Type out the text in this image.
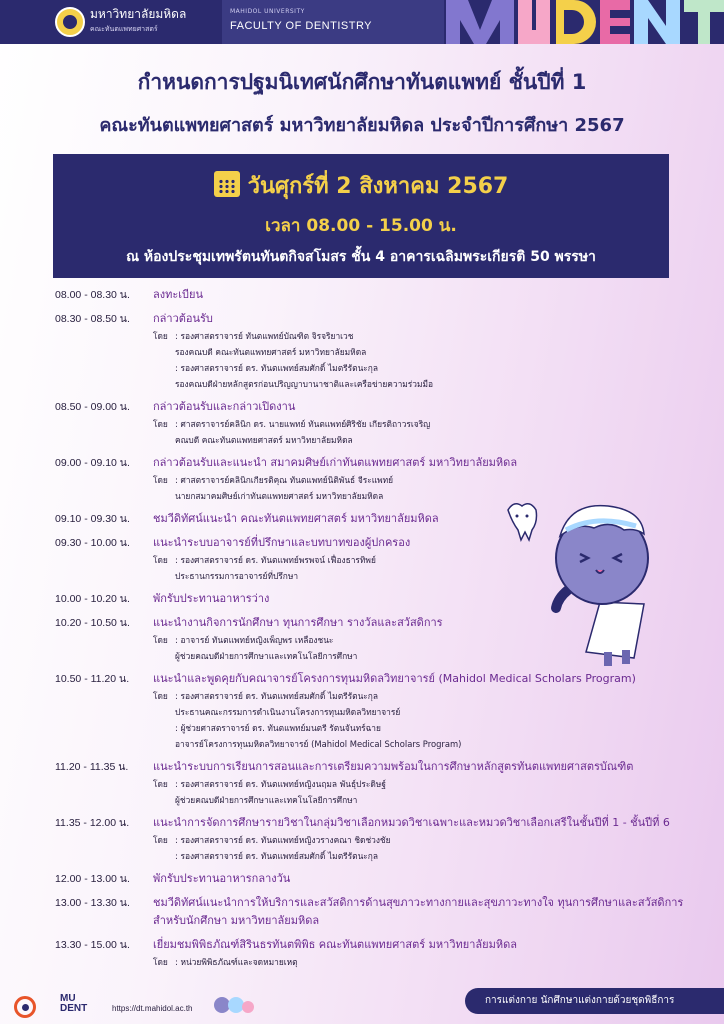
มหาวิทยาลัยมหิดล
คณะทันตแพทยศาสตร์
MAHIDOL UNIVERSITY
FACULTY OF DENTISTRY
กำหนดการปฐมนิเทศนักศึกษาทันตแพทย์ ชั้นปีที่ 1
คณะทันตแพทยศาสตร์ มหาวิทยาลัยมหิดล ประจำปีการศึกษา 2567
วันศุกร์ที่ 2 สิงหาคม 2567
เวลา 08.00 - 15.00 น.
ณ ห้องประชุมเทพรัตนทันตกิจสโมสร ชั้น 4 อาคารเฉลิมพระเกียรติ 50 พรรษา
08.00 - 08.30 น.	ลงทะเบียน
08.30 - 08.50 น.	กล่าวต้อนรับ
โดย : รองศาสตราจารย์ ทันตแพทย์บัณฑิต จิรจริยาเวช
รองคณบดี คณะทันตแพทยศาสตร์ มหาวิทยาลัยมหิดล
: รองศาสตราจารย์ ดร. ทันตแพทย์สมศักดิ์ ไมตรีรัตนะกุล
รองคณบดีฝ่ายหลักสูตรก่อนปริญญาบานาชาติและเครือข่ายความร่วมมือ
08.50 - 09.00 น.	กล่าวต้อนรับและกล่าวเปิดงาน
โดย : ศาสตราจารย์คลินิก ดร. นายแพทย์ ทันตแพทย์ศิริชัย เกียรติถาวรเจริญ
คณบดี คณะทันตแพทยศาสตร์ มหาวิทยาลัยมหิดล
09.00 - 09.10 น.	กล่าวต้อนรับและแนะนำ สมาคมศิษย์เก่าทันตแพทยศาสตร์ มหาวิทยาลัยมหิดล
โดย : ศาสตราจารย์คลินิกเกียรติคุณ ทันตแพทย์นิติพันธ์ จีระแพทย์
นายกสมาคมศิษย์เก่าทันตแพทยศาสตร์ มหาวิทยาลัยมหิดล
09.10 - 09.30 น.	ชมวีดิทัศน์แนะนำ คณะทันตแพทยศาสตร์ มหาวิทยาลัยมหิดล
09.30 - 10.00 น.	แนะนำระบบอาจารย์ที่ปรึกษาและบทบาทของผู้ปกครอง
โดย : รองศาสตราจารย์ ดร. ทันตแพทย์พรพจน์ เฟื่องธารทิพย์
ประธานกรรมการอาจารย์ที่ปรึกษา
10.00 - 10.20 น.	พักรับประทานอาหารว่าง
10.20 - 10.50 น.	แนะนำงานกิจการนักศึกษา ทุนการศึกษา รางวัลและสวัสดิการ
โดย : อาจารย์ ทันตแพทย์หญิงเพ็ญพร เหลืองชนะ
ผู้ช่วยคณบดีฝ่ายการศึกษาและเทคโนโลยีการศึกษา
10.50 - 11.20 น.	แนะนำและพูดคุยกับคณาจารย์โครงการทุนมหิดลวิทยาจารย์ (Mahidol Medical Scholars Program)
โดย : รองศาสตราจารย์ ดร. ทันตแพทย์สมศักดิ์ ไมตรีรัตนะกุล
ประธานคณะกรรมการดำเนินงานโครงการทุนมหิดลวิทยาจารย์
: ผู้ช่วยศาสตราจารย์ ดร. ทันตแพทย์มนตรี รัตนจันทร์ฉาย
อาจารย์โครงการทุนมหิดลวิทยาจารย์ (Mahidol Medical Scholars Program)
11.20 - 11.35 น.	แนะนำระบบการเรียนการสอนและการเตรียมความพร้อมในการศึกษาหลักสูตรทันตแพทยศาสตรบัณฑิต
โดย : รองศาสตราจารย์ ดร. ทันตแพทย์หญิงนฤมล พันธุ์ประดิษฐ์
ผู้ช่วยคณบดีฝ่ายการศึกษาและเทคโนโลยีการศึกษา
11.35 - 12.00 น.	แนะนำการจัดการศึกษารายวิชาในกลุ่มวิชาเลือกหมวดวิชาเฉพาะและหมวดวิชาเลือกเสรีในชั้นปีที่ 1 - ชั้นปีที่ 6
โดย : รองศาสตราจารย์ ดร. ทันตแพทย์หญิงวรางคณา ชิดช่วงชัย
: รองศาสตราจารย์ ดร. ทันตแพทย์สมศักดิ์ ไมตรีรัตนะกุล
12.00 - 13.00 น.	พักรับประทานอาหารกลางวัน
13.00 - 13.30 น.	ชมวีดิทัศน์แนะนำการให้บริการและสวัสดิการด้านสุขภาวะทางกายและสุขภาวะทางใจ ทุนการศึกษาและสวัสดิการ
สำหรับนักศึกษา มหาวิทยาลัยมหิดล
13.30 - 15.00 น.	เยี่ยมชมพิพิธภัณฑ์สิรินธรทันตพิพิธ คณะทันตแพทยศาสตร์ มหาวิทยาลัยมหิดล
โดย : หน่วยพิพิธภัณฑ์และจดหมายเหตุ
MU
DENT	https://dt.mahidol.ac.th
การแต่งกาย นักศึกษาแต่งกายด้วยชุดพิธีการ
